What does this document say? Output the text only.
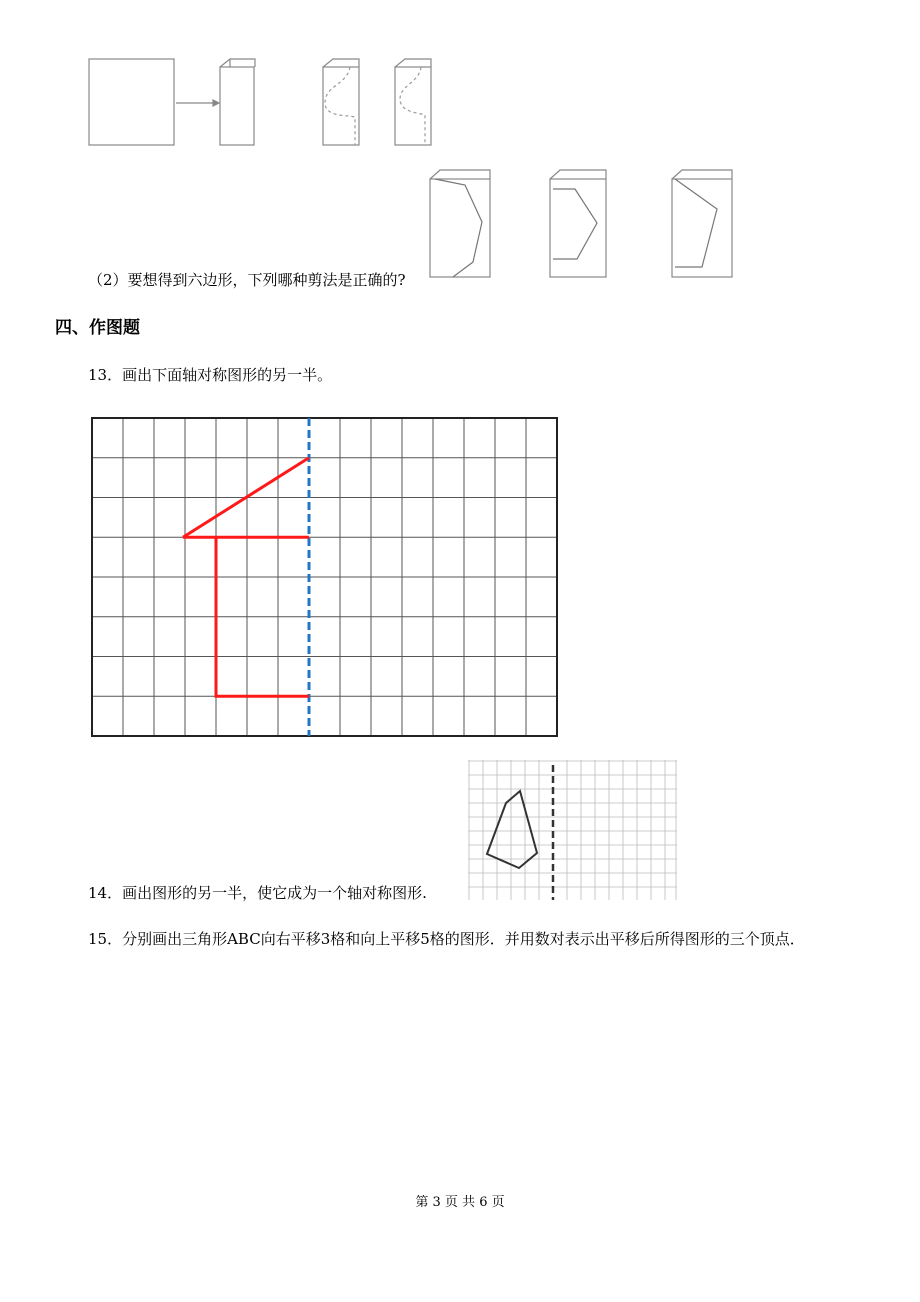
（2）要想得到六边形，下列哪种剪法是正确的?
四、作图题
13．画出下面轴对称图形的另一半。
14．画出图形的另一半，使它成为一个轴对称图形.
15．分别画出三角形ABC向右平移3格和向上平移5格的图形．并用数对表示出平移后所得图形的三个顶点．
第 3 页 共 6 页
